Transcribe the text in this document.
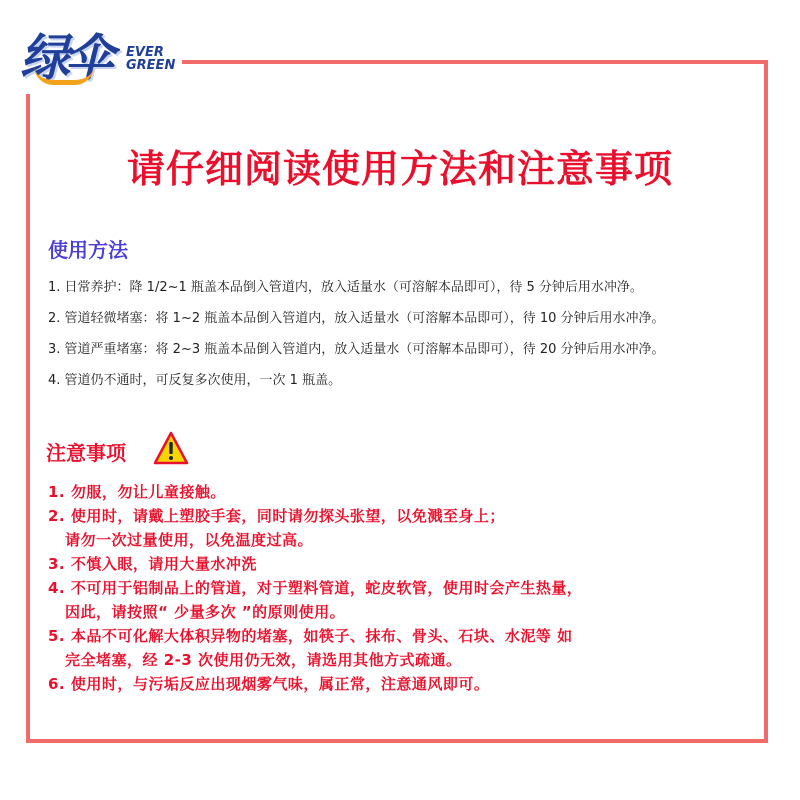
绿伞 EVER
GREEN
请仔细阅读使用方法和注意事项
使用方法
1. 日常养护：降 1/2~1 瓶盖本品倒入管道内，放入适量水（可溶解本品即可），待 5 分钟后用水冲净。
2. 管道轻微堵塞：将 1~2 瓶盖本品倒入管道内，放入适量水（可溶解本品即可），待 10 分钟后用水冲净。
3. 管道严重堵塞：将 2~3 瓶盖本品倒入管道内，放入适量水（可溶解本品即可），待 20 分钟后用水冲净。
4. 管道仍不通时，可反复多次使用，一次 1 瓶盖。
注意事项
1. 勿服，勿让儿童接触。
2. 使用时，请戴上塑胶手套，同时请勿探头张望，以免溅至身上；
请勿一次过量使用，以免温度过高。
3. 不慎入眼，请用大量水冲洗
4. 不可用于铝制品上的管道，对于塑料管道，蛇皮软管，使用时会产生热量，
因此，请按照“ 少量多次 ”的原则使用。
5. 本品不可化解大体积异物的堵塞，如筷子、抹布、骨头、石块、水泥等 如
完全堵塞，经 2-3 次使用仍无效，请选用其他方式疏通。
6. 使用时，与污垢反应出现烟雾气味，属正常，注意通风即可。
